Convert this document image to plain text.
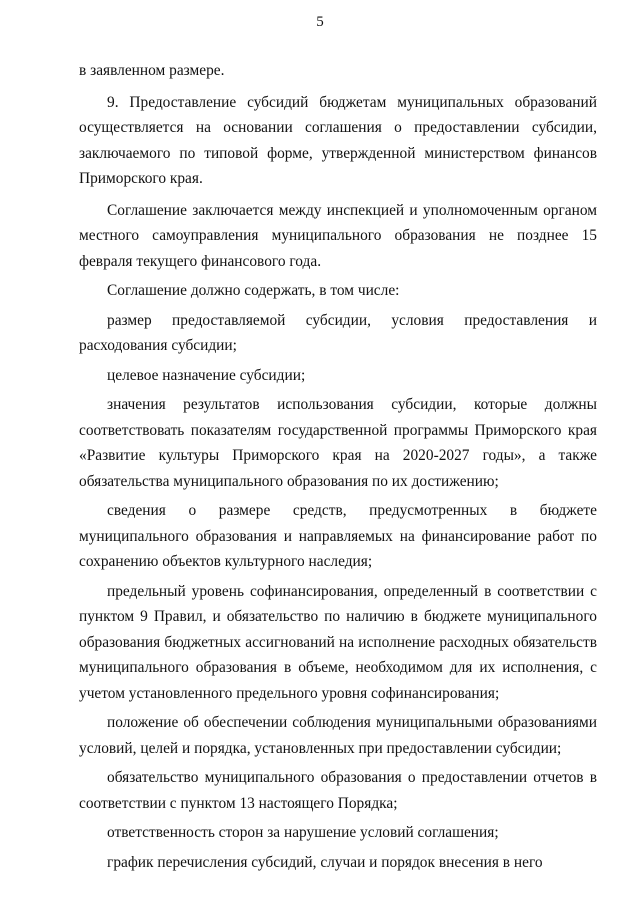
5

в заявленном размере.

9. Предоставление субсидий бюджетам муниципальных образований осуществляется на основании соглашения о предоставлении субсидии, заключаемого по типовой форме, утвержденной министерством финансов Приморского края.

Соглашение заключается между инспекцией и уполномоченным органом местного самоуправления муниципального образования не позднее 15 февраля текущего финансового года.

Соглашение должно содержать, в том числе:

размер предоставляемой субсидии, условия предоставления и расходования субсидии;

целевое назначение субсидии;

значения результатов использования субсидии, которые должны соответствовать показателям государственной программы Приморского края «Развитие культуры Приморского края на 2020-2027 годы», а также обязательства муниципального образования по их достижению;

сведения о размере средств, предусмотренных в бюджете муниципального образования и направляемых на финансирование работ по сохранению объектов культурного наследия;

предельный уровень софинансирования, определенный в соответствии с пунктом 9 Правил, и обязательство по наличию в бюджете муниципального образования бюджетных ассигнований на исполнение расходных обязательств муниципального образования в объеме, необходимом для их исполнения, с учетом установленного предельного уровня софинансирования;

положение об обеспечении соблюдения муниципальными образованиями условий, целей и порядка, установленных при предоставлении субсидии;

обязательство муниципального образования о предоставлении отчетов в соответствии с пунктом 13 настоящего Порядка;

ответственность сторон за нарушение условий соглашения;

график перечисления субсидий, случаи и порядок внесения в него
